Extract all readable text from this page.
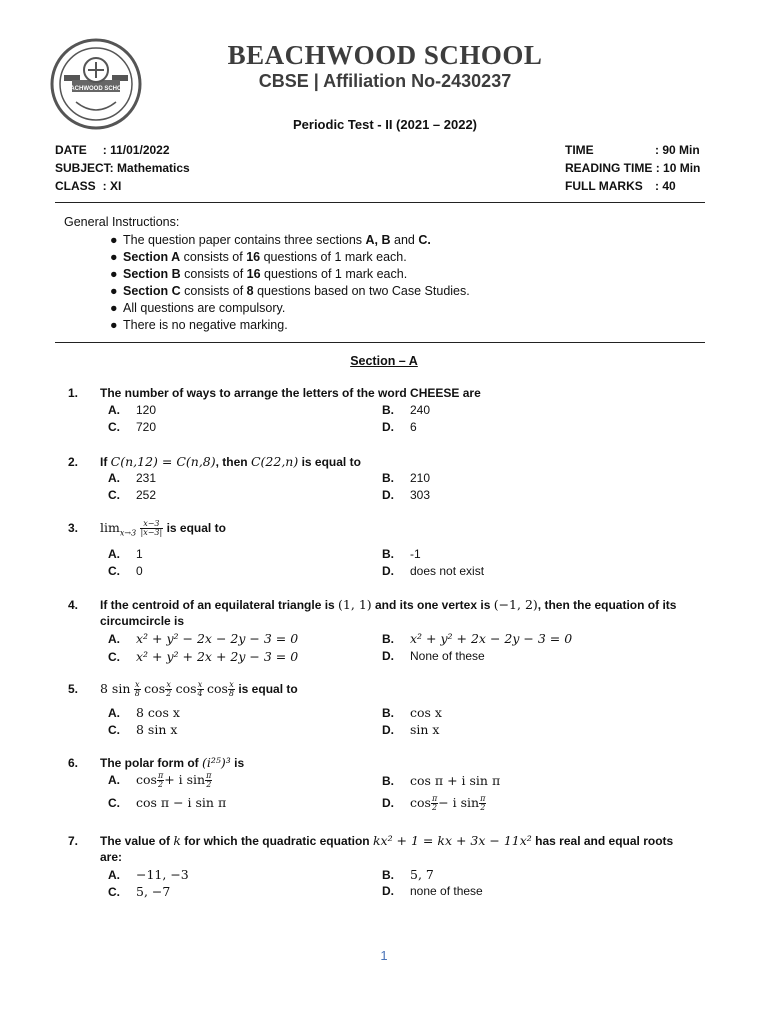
BEACHWOOD SCHOOL
BEACHWOOD SCHOOL
CBSE | Affiliation No-2430237
Periodic Test - II (2021 – 2022)
DATE : 11/01/2022
SUBJECT: Mathematics
CLASS : XI
TIME	: 90 Min
READING TIME : 10 Min
FULL MARKS : 40
General Instructions:
● The question paper contains three sections A, B and C.
● Section A consists of 16 questions of 1 mark each.
● Section B consists of 16 questions of 1 mark each.
● Section C consists of 8 questions based on two Case Studies.
● All questions are compulsory.
● There is no negative marking.
Section – A
1. The number of ways to arrange the letters of the word CHEESE are
A. 120	B. 240
C. 720	D. 6
2. If C(n,12) = C(n,8), then C(22,n) is equal to
A. 231	B. 210
C. 252	D. 303
3. $\lim_{x\to 3} \frac{x-3}{|x-3|}$ is equal to
A. 1	B. -1
C. 0	D. does not exist
4. If the centroid of an equilateral triangle is (1, 1) and its one vertex is (−1, 2), then the equation of its
circumcircle is
A. x² + y² − 2x − 2y − 3 = 0	B. x² + y² + 2x − 2y − 3 = 0
C. x² + y² + 2x + 2y − 3 = 0	D. None of these
5. 8 $\sin \frac{x}{8}$ $\cos \frac{x}{2}$ $\cos \frac{x}{4}$ $\cos \frac{x}{8}$ is equal to
A. 8 cos x	B. cos x
C. 8 sin x	D. sin x
6. The polar form of (i²⁵)³ is
A. $\cos \frac{\pi}{2} + i$ $\sin \frac{\pi}{2}$	B. cos π + i sin π
C. cos π − i sin π	D. $\cos \frac{\pi}{2} - i$ $\sin \frac{\pi}{2}$
7. The value of k for which the quadratic equation kx² + 1 = kx + 3x − 11x² has real and equal roots
are:
A. −11, −3	B. 5, 7
C. 5, −7	D. none of these
1
